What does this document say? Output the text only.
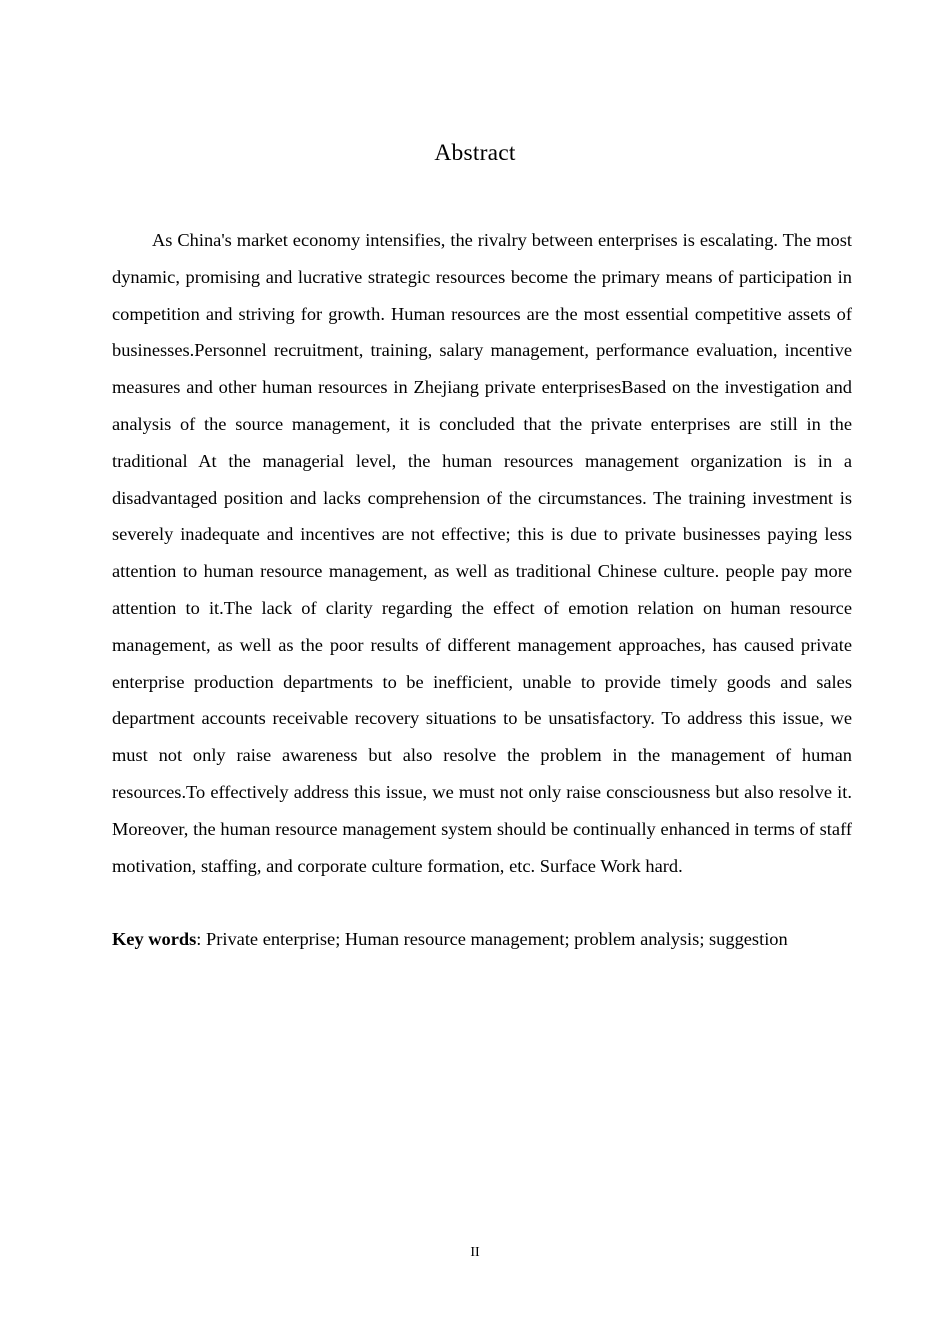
Abstract

As China's market economy intensifies, the rivalry between enterprises is escalating. The most dynamic, promising and lucrative strategic resources become the primary means of participation in competition and striving for growth. Human resources are the most essential competitive assets of businesses.Personnel recruitment, training, salary management, performance evaluation, incentive measures and other human resources in Zhejiang private enterprisesBased on the investigation and analysis of the source management, it is concluded that the private enterprises are still in the traditional At the managerial level, the human resources management organization is in a disadvantaged position and lacks comprehension of the circumstances. The training investment is severely inadequate and incentives are not effective; this is due to private businesses paying less attention to human resource management, as well as traditional Chinese culture. people pay more attention to it.The lack of clarity regarding the effect of emotion relation on human resource management, as well as the poor results of different management approaches, has caused private enterprise production departments to be inefficient, unable to provide timely goods and sales department accounts receivable recovery situations to be unsatisfactory. To address this issue, we must not only raise awareness but also resolve the problem in the management of human resources.To effectively address this issue, we must not only raise consciousness but also resolve it. Moreover, the human resource management system should be continually enhanced in terms of staff motivation, staffing, and corporate culture formation, etc. Surface Work hard.

Key words: Private enterprise; Human resource management; problem analysis; suggestion

II
